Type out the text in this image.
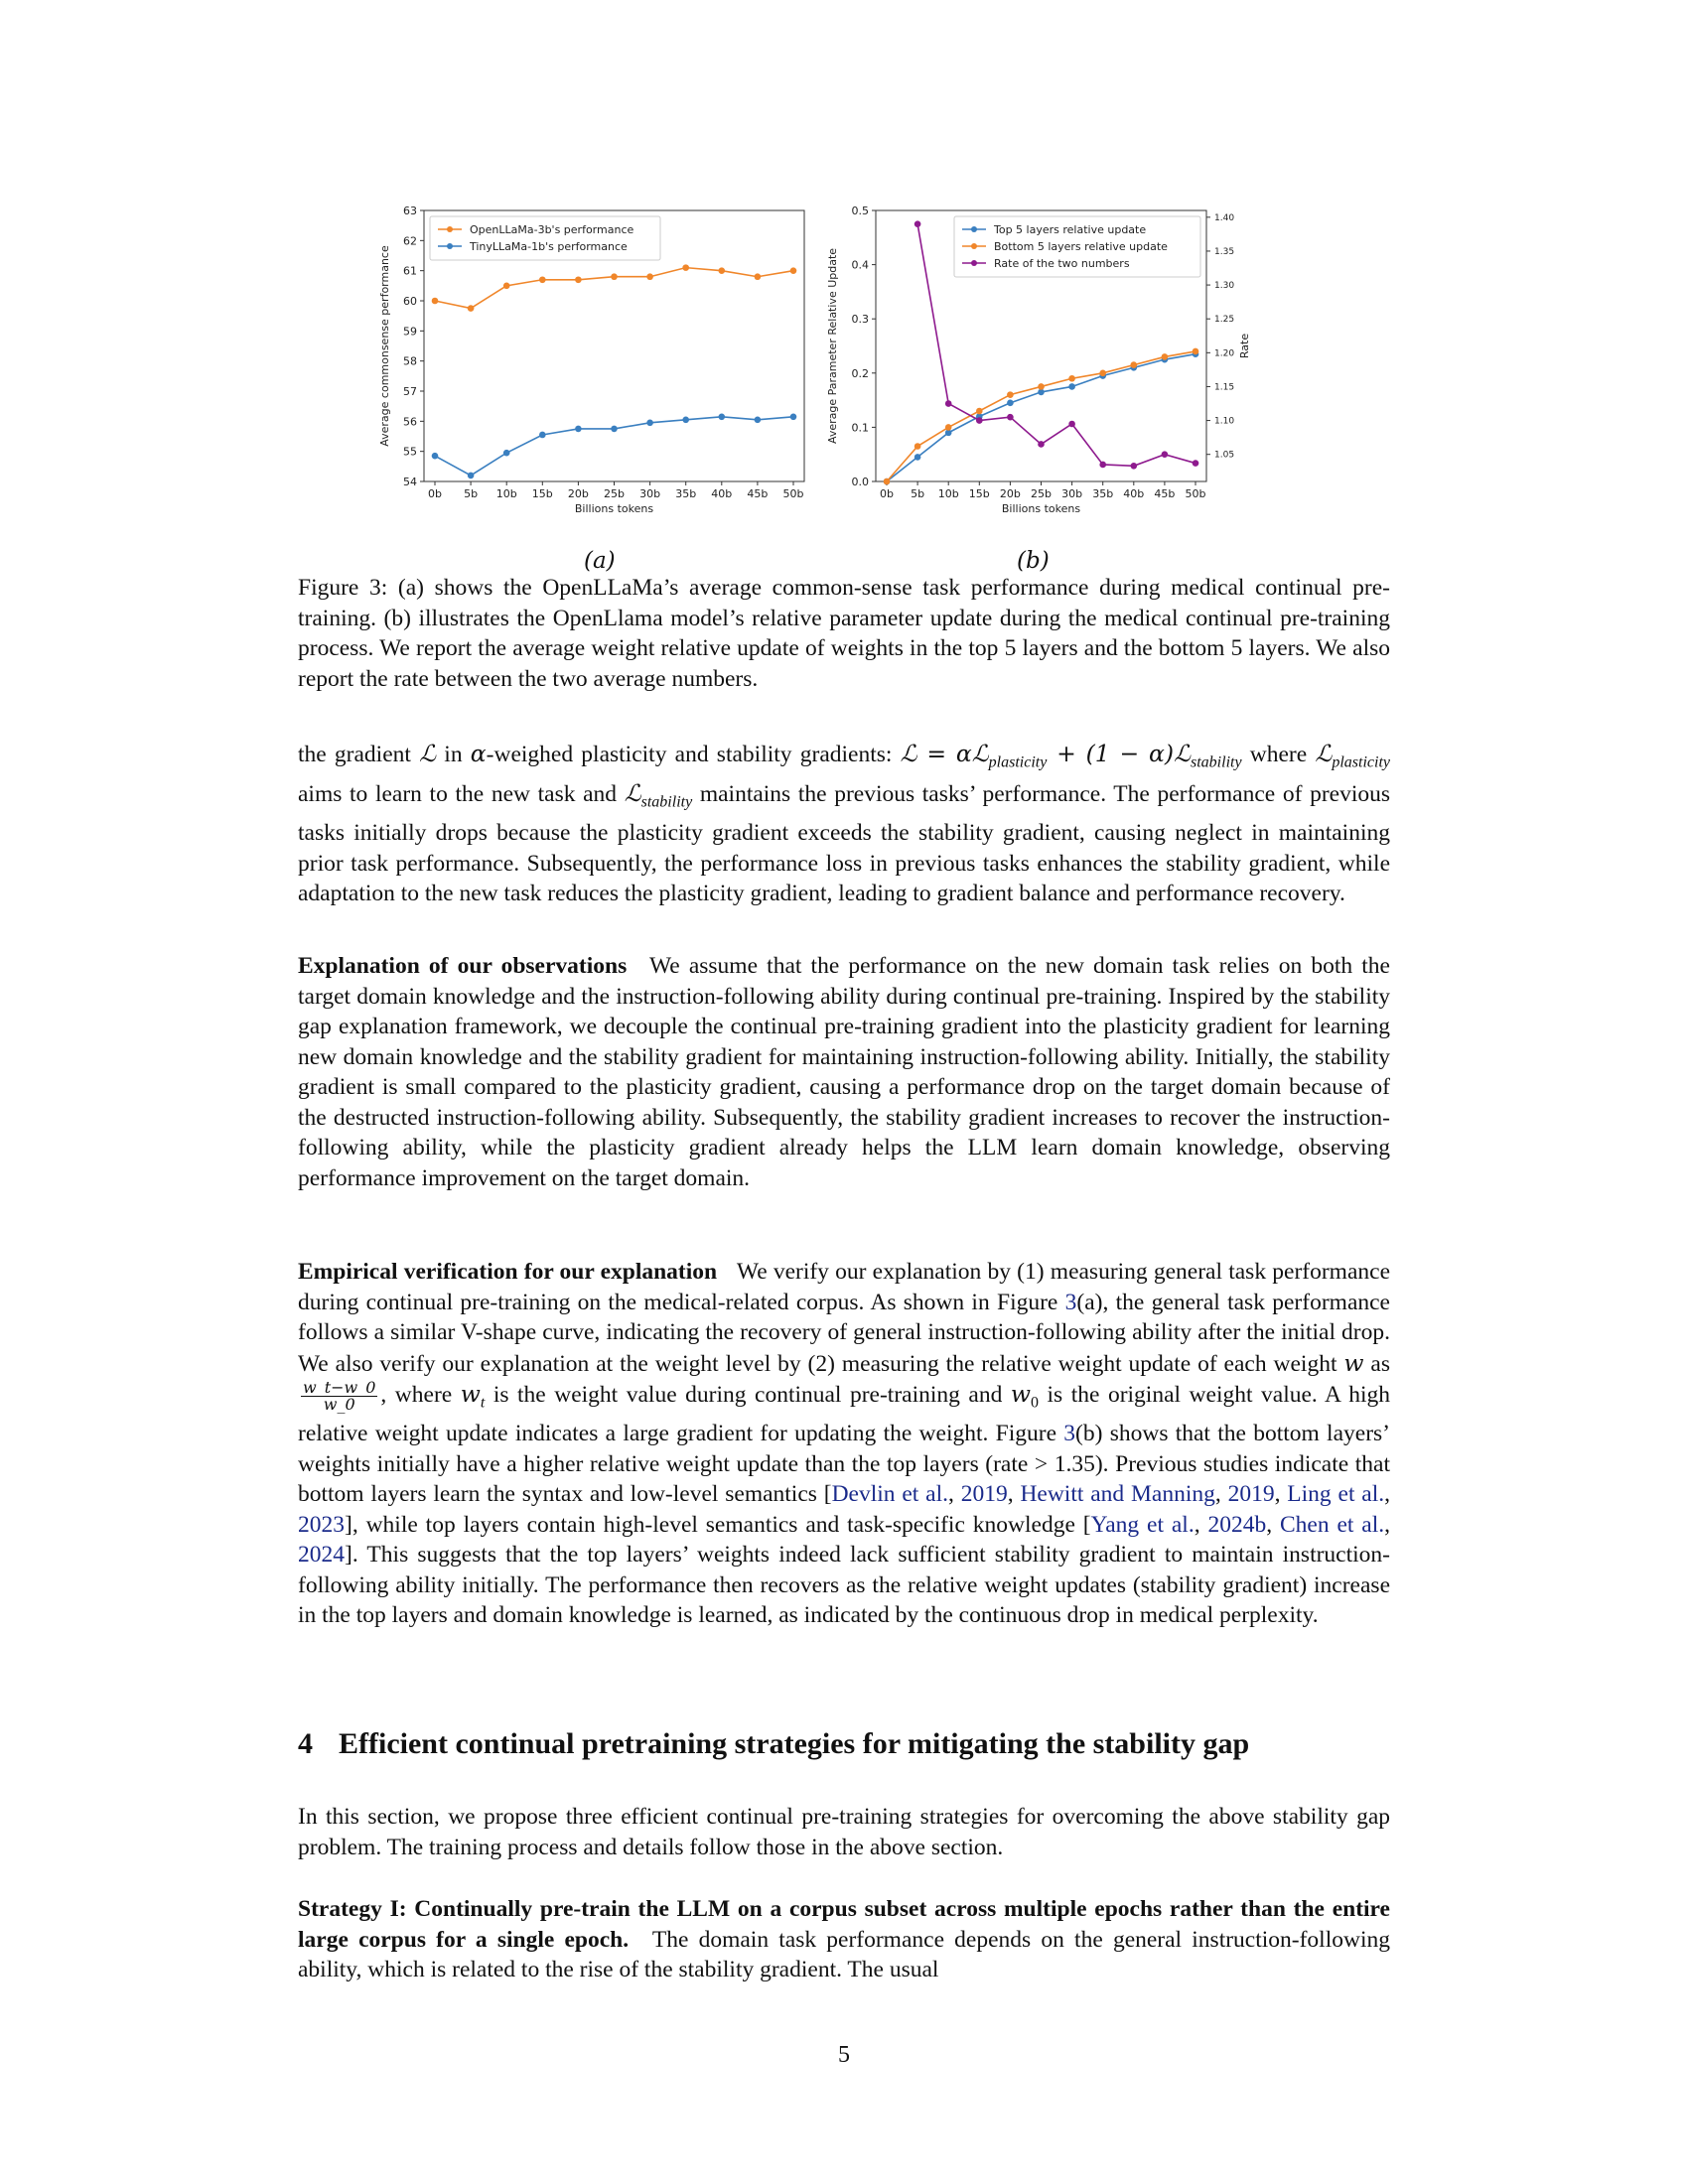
0b 5b 10b 15b 20b 25b 30b 35b 40b 45b 50b
Billions tokens
54
55
56
57
58
59
60
61
62
63
Average commonsense performance
OpenLLaMa-3b's performance
TinyLLaMa-1b's performance
0b 5b 10b 15b 20b 25b 30b 35b 40b 45b 50b
Billions tokens
0.0
0.1
0.2
0.3
0.4
0.5
Average Parameter Relative Update
1.05
1.10
1.15
1.20
1.25
1.30
1.35
1.40
Rate
Top 5 layers relative update
Bottom 5 layers relative update
Rate of the two numbers
(a)	(b)
Figure 3: (a) shows the OpenLLaMa’s average common-sense task performance during medical continual pre-training. (b) illustrates the OpenLlama model’s relative parameter update during the medical continual pre-training process. We report the average weight relative update of weights in the top 5 layers and the bottom 5 layers. We also report the rate between the two average numbers.
the gradient ℒ in α-weighed plasticity and stability gradients: ℒ = αℒ$_{plasticity}$ + (1 − α)ℒ$_{stability}$ where ℒ$_{plasticity}$ aims to learn to the new task and ℒ$_{stability}$ maintains the previous tasks’ performance. The performance of previous tasks initially drops because the plasticity gradient exceeds the stability gradient, causing neglect in maintaining prior task performance. Subsequently, the performance loss in previous tasks enhances the stability gradient, while adaptation to the new task reduces the plasticity gradient, leading to gradient balance and performance recovery.
Explanation of our observations We assume that the performance on the new domain task relies on both the target domain knowledge and the instruction-following ability during continual pre-training. Inspired by the stability gap explanation framework, we decouple the continual pre-training gradient into the plasticity gradient for learning new domain knowledge and the stability gradient for maintaining instruction-following ability. Initially, the stability gradient is small compared to the plasticity gradient, causing a performance drop on the target domain because of the destructed instruction-following ability. Subsequently, the stability gradient increases to recover the instruction-following ability, while the plasticity gradient already helps the LLM learn domain knowledge, observing performance improvement on the target domain.
Empirical verification for our explanation We verify our explanation by (1) measuring general task performance during continual pre-training on the medical-related corpus. As shown in Figure 3(a), the general task performance follows a similar V-shape curve, indicating the recovery of general instruction-following ability after the initial drop. We also verify our explanation at the weight level by (2) measuring the relative weight update of each weight w as
$\frac{w\_t-w\_0}{w\_0}$ , where $w_t$ is the weight value during continual pre-training and $w_0$ is the original weight value. A high relative weight update indicates a large gradient for updating the weight. Figure 3(b) shows that the bottom layers’ weights initially have a higher relative weight update than the top layers (rate > 1.35). Previous studies indicate that bottom layers learn the syntax and low-level semantics [Devlin et al., 2019, Hewitt and Manning, 2019, Ling et al., 2023], while top layers contain high-level semantics and task-specific knowledge [Yang et al., 2024b, Chen et al., 2024]. This suggests that the top layers’ weights indeed lack sufficient stability gradient to maintain instruction-following ability initially. The performance then recovers as the relative weight updates (stability gradient) increase in the top layers and domain knowledge is learned, as indicated by the continuous drop in medical perplexity.
4 Efficient continual pretraining strategies for mitigating the stability gap
In this section, we propose three efficient continual pre-training strategies for overcoming the above stability gap problem. The training process and details follow those in the above section.
Strategy I: Continually pre-train the LLM on a corpus subset across multiple epochs rather than the entire large corpus for a single epoch. The domain task performance depends on the general instruction-following ability, which is related to the rise of the stability gradient. The usual
5
